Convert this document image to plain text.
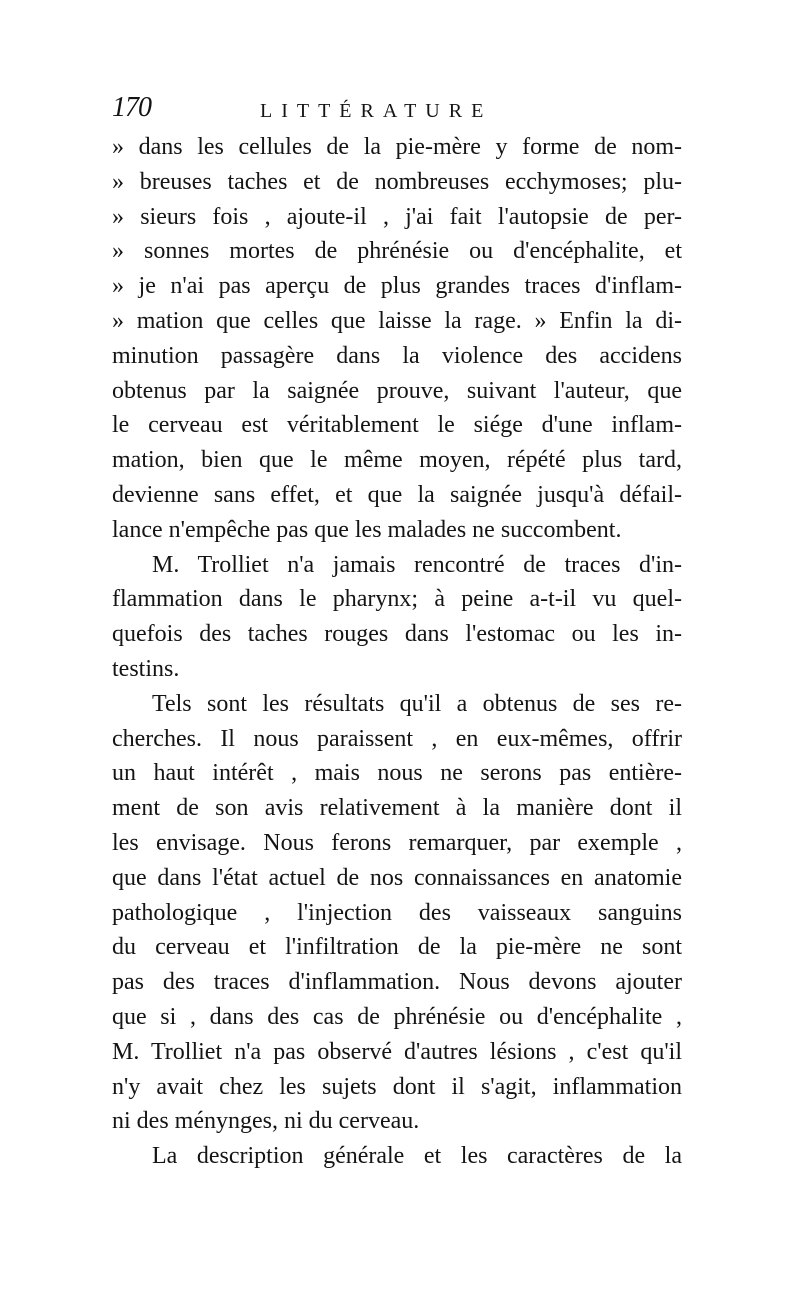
170	LITTÉRATURE
» dans les cellules de la pie-mère y forme de nom-
» breuses taches et de nombreuses ecchymoses; plu-
» sieurs fois , ajoute-il , j'ai fait l'autopsie de per-
» sonnes mortes de phrénésie ou d'encéphalite, et
» je n'ai pas aperçu de plus grandes traces d'inflam-
» mation que celles que laisse la rage. » Enfin la di-
minution passagère dans la violence des accidens
obtenus par la saignée prouve, suivant l'auteur, que
le cerveau est véritablement le siége d'une inflam-
mation, bien que le même moyen, répété plus tard,
devienne sans effet, et que la saignée jusqu'à défail-
lance n'empêche pas que les malades ne succombent.
M. Trolliet n'a jamais rencontré de traces d'in-
flammation dans le pharynx; à peine a-t-il vu quel-
quefois des taches rouges dans l'estomac ou les in-
testins.
Tels sont les résultats qu'il a obtenus de ses re-
cherches. Il nous paraissent , en eux-mêmes, offrir
un haut intérêt , mais nous ne serons pas entière-
ment de son avis relativement à la manière dont il
les envisage. Nous ferons remarquer, par exemple ,
que dans l'état actuel de nos connaissances en anatomie
pathologique , l'injection des vaisseaux sanguins
du cerveau et l'infiltration de la pie-mère ne sont
pas des traces d'inflammation. Nous devons ajouter
que si , dans des cas de phrénésie ou d'encéphalite ,
M. Trolliet n'a pas observé d'autres lésions , c'est qu'il
n'y avait chez les sujets dont il s'agit, inflammation
ni des ménynges, ni du cerveau.
La description générale et les caractères de la
